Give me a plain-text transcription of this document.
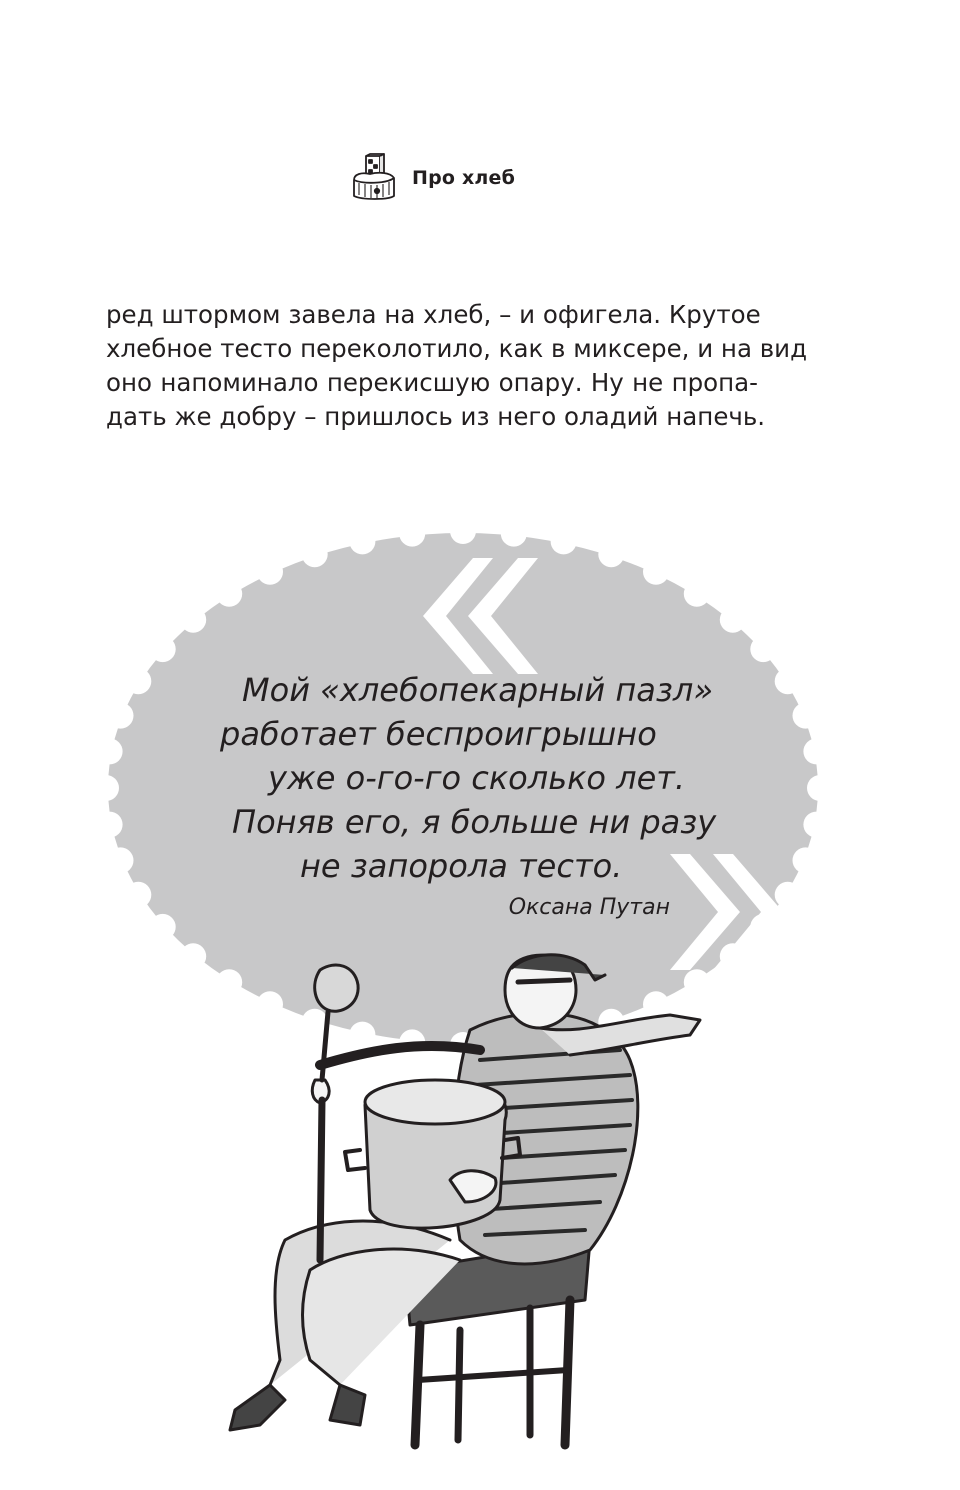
Про хлеб
ред штормом завела на хлеб, – и офигела. Крутое
хлебное тесто переколотило, как в миксере, и на вид
оно напоминало перекисшую опару. Ну не пропа-
дать же добру – пришлось из него оладий напечь.
Мой «хлебопекарный пазл»
работает беспроигрышно
уже о-го-го сколько лет.
Поняв его, я больше ни разу
не запорола тесто.
Оксана Путан
